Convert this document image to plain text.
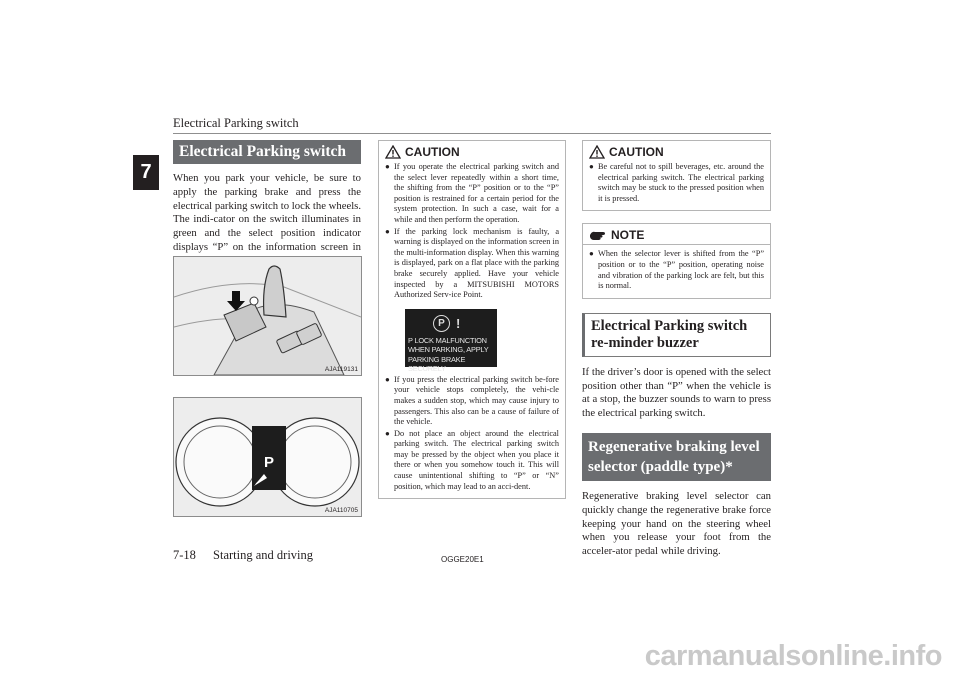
Electrical Parking switch
7
Electrical Parking switch

When you park your vehicle, be sure to apply the parking brake and press the electrical parking switch to lock the wheels. The indi-cator on the switch illuminates in green and the select position indicator displays “P” on the information screen in

AJA119131
P
AJA110705
CAUTION
● If you operate the electrical parking switch and the select lever repeatedly within a short time, the shifting from the “P” position or to the “P” position is restrained for a certain period for the system protection. In such a case, wait for a while and then perform the operation.
● If the parking lock mechanism is faulty, a warning is displayed on the information screen in the multi-information display. When this warning is displayed, park on a flat place with the parking brake securely applied. Have your vehicle inspected by a MITSUBISHI MOTORS Authorized Serv-ice Point.
P !
P LOCK MALFUNCTION
WHEN PARKING, APPLY
PARKING BRAKE SECURELY
● If you press the electrical parking switch be-fore your vehicle stops completely, the vehi-cle makes a sudden stop, which may cause injury to passengers. This also can be a cause of failure of the vehicle.
● Do not place an object around the electrical parking switch. The electrical parking switch may be pressed by the object when you place it there or when you somehow touch it. This will cause unintentional shifting to “P” or “N” position, which may lead to an acci-dent.
CAUTION
● Be careful not to spill beverages, etc. around the electrical parking switch. The electrical parking switch may be stuck to the pressed position when it is pressed.
NOTE
● When the selector lever is shifted from the “P” position or to the “P” position, operating noise and vibration of the parking lock are felt, but this is normal.
Electrical Parking switch re-minder buzzer

If the driver’s door is opened with the select position other than “P” when the vehicle is at a stop, the buzzer sounds to warn to press the electrical parking switch.

Regenerative braking level selector (paddle type)*

Regenerative braking level selector can quickly change the regenerative brake force keeping your hand on the steering wheel when you release your foot from the acceler-ator pedal while driving.

7-18 Starting and driving	OGGE20E1
carmanualsonline.info
